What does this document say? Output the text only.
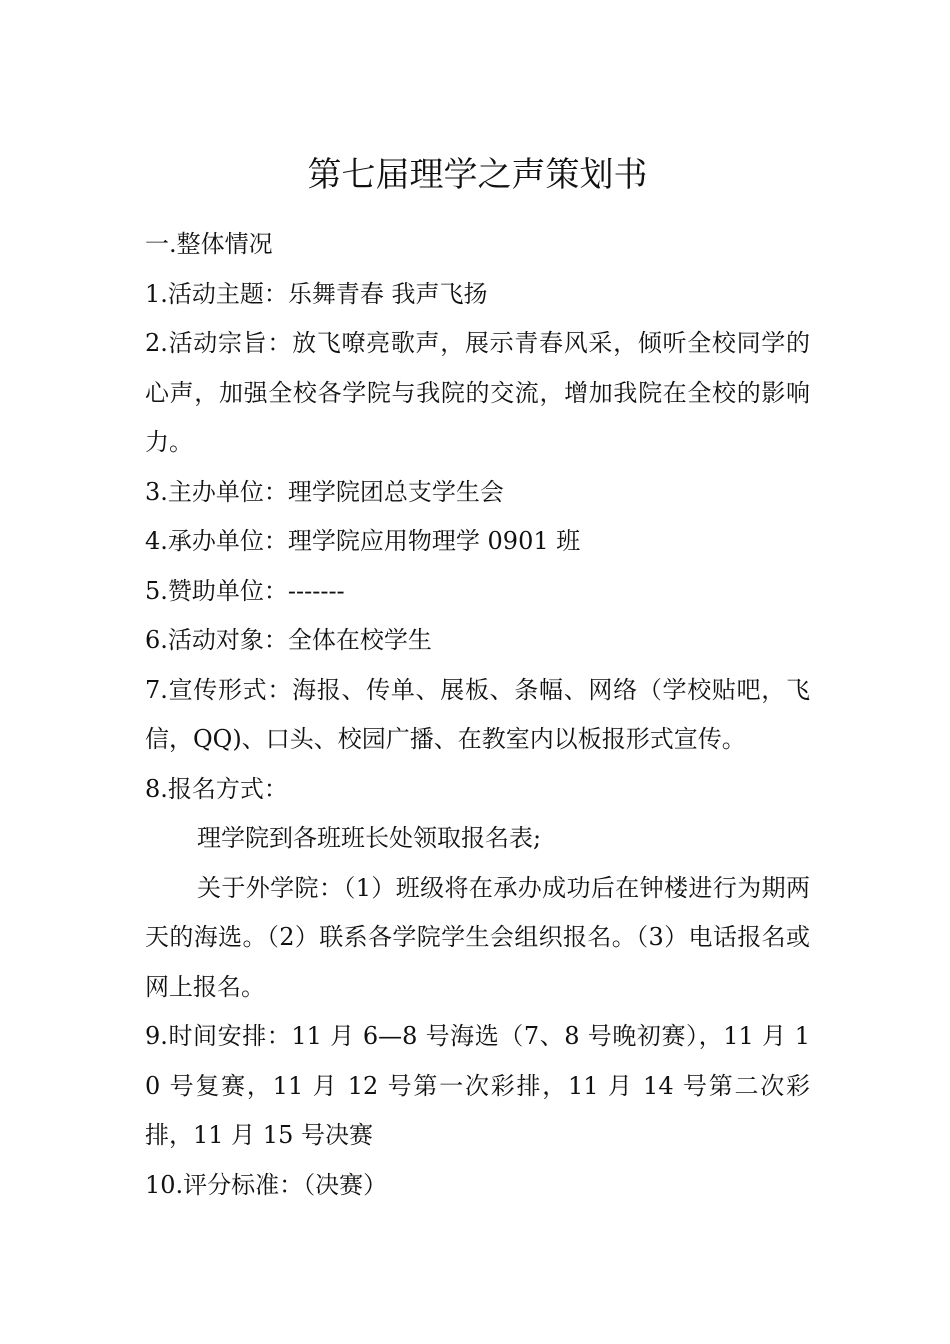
第七届理学之声策划书

一.整体情况

1.活动主题：乐舞青春 我声飞扬

2.活动宗旨：放飞嘹亮歌声，展示青春风采，倾听全校同学的心声，加强全校各学院与我院的交流，增加我院在全校的影响力。

3.主办单位：理学院团总支学生会

4.承办单位：理学院应用物理学 0901 班

5.赞助单位：-------

6.活动对象：全体在校学生

7.宣传形式：海报、传单、展板、条幅、网络（学校贴吧，飞信，QQ)、口头、校园广播、在教室内以板报形式宣传。

8.报名方式：

理学院到各班班长处领取报名表;

关于外学院：（1）班级将在承办成功后在钟楼进行为期两天的海选。（2）联系各学院学生会组织报名。（3）电话报名或网上报名。

9.时间安排：11 月 6—8 号海选（7、8 号晚初赛），11 月 10 号复赛，11 月 12 号第一次彩排，11 月 14 号第二次彩排，11 月 15 号决赛

10.评分标准：（决赛）
